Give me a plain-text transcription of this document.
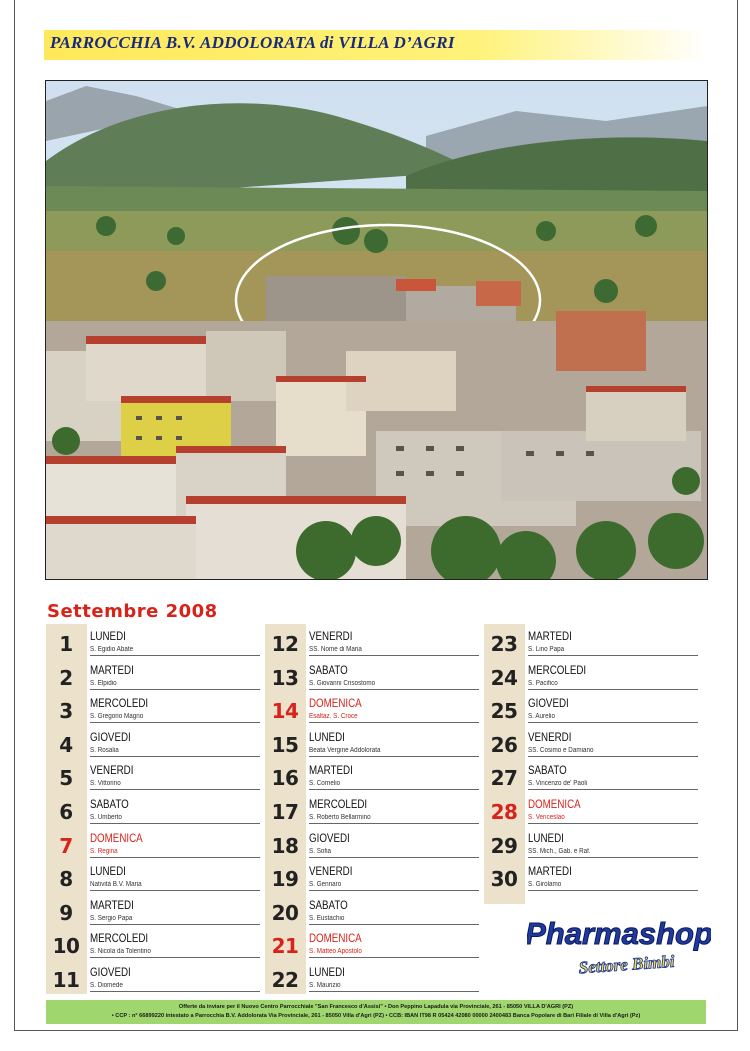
PARROCCHIA B.V. ADDOLORATA di VILLA D’AGRI
Settembre 2008
1	LUNEDI
S. Egidio Abate
2	MARTEDI
S. Elpidio
3	MERCOLEDI
S. Gregorio Magno
4	GIOVEDI
S. Rosalia
5	VENERDI
S. Vittorino
6	SABATO
S. Umberto
7	DOMENICA
S. Regina
8	LUNEDI
Natività B.V. Maria
9	MARTEDI
S. Sergio Papa
10 MERCOLEDI
S. Nicola da Tolentino
11 GIOVEDI
S. Diomede
12 VENERDI
SS. Nome di Maria
13 SABATO
S. Giovanni Crisostomo
14 DOMENICA
Esaltaz. S. Croce
15 LUNEDI
Beata Vergine Addolorata
16 MARTEDI
S. Cornelio
17 MERCOLEDI
S. Roberto Bellarmino
18 GIOVEDI
S. Sofia
19 VENERDI
S. Gennaro
20 SABATO
S. Eustachio
21 DOMENICA
S. Matteo Apostolo
22 LUNEDI
S. Maurizio
23 MARTEDI
S. Lino Papa
24 MERCOLEDI
S. Pacifico
25 GIOVEDI
S. Aurelio
26 VENERDI
SS. Cosimo e Damiano
27 SABATO
S. Vincenzo de' Paoli
28 DOMENICA
S. Venceslao
29 LUNEDI
SS. Mich., Gab. e Raf.
30 MARTEDI
S. Girolamo
Pharmashop
Settore Bimbi
Offerte da inviare per il Nuovo Centro Parrocchiale "San Francesco d'Assisi" • Don Peppino Lapadula via Provinciale, 261 - 85050 VILLA D'AGRI (PZ)
• CCP : n° 66899220 intestato a Parrocchia B.V. Addolorata Via Provinciale, 261 - 85050 Villa d'Agri (PZ) • CCB: IBAN IT98 R 05424 42080 00000 2400483 Banca Popolare di Bari Filiale di Villa d'Agri (Pz)
